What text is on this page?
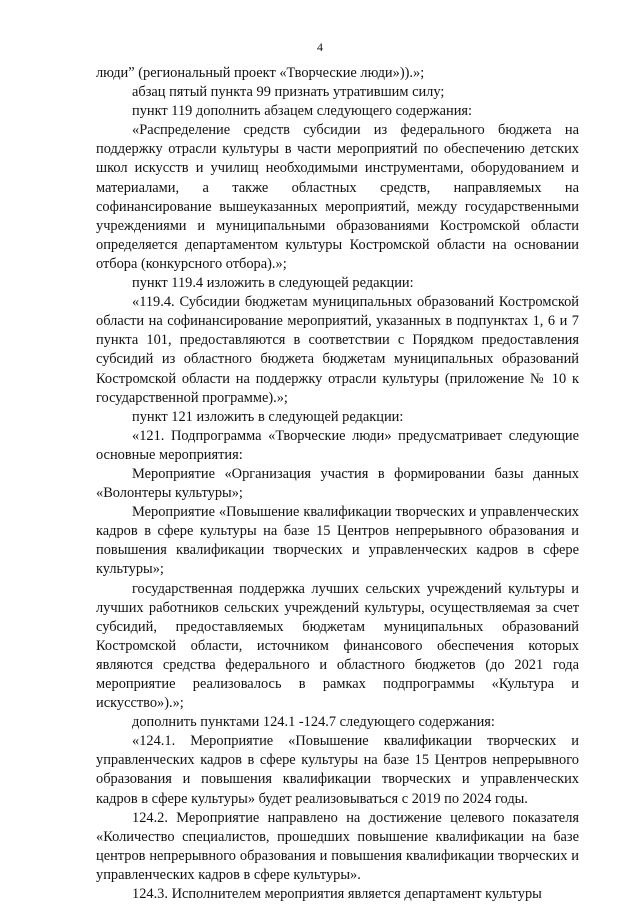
4

людиˮ (региональный проект «Творческие люди»)).»;

абзац пятый пункта 99 признать утратившим силу;

пункт 119 дополнить абзацем следующего содержания:

«Распределение средств субсидии из федерального бюджета на поддержку отрасли культуры в части мероприятий по обеспечению детских школ искусств и училищ необходимыми инструментами, оборудованием и материалами, а также областных средств, направляемых на софинансирование вышеуказанных мероприятий, между государственными учреждениями и муниципальными образованиями Костромской области определяется департаментом культуры Костромской области на основании отбора (конкурсного отбора).»;

пункт 119.4 изложить в следующей редакции:

«119.4. Субсидии бюджетам муниципальных образований Костромской области на софинансирование мероприятий, указанных в подпунктах 1, 6 и 7 пункта 101, предоставляются в соответствии с Порядком предоставления субсидий из областного бюджета бюджетам муниципальных образований Костромской области на поддержку отрасли культуры (приложение № 10 к государственной программе).»;

пункт 121 изложить в следующей редакции:

«121. Подпрограмма «Творческие люди» предусматривает следующие основные мероприятия:

Мероприятие «Организация участия в формировании базы данных «Волонтеры культуры»;

Мероприятие «Повышение квалификации творческих и управленческих кадров в сфере культуры на базе 15 Центров непрерывного образования и повышения квалификации творческих и управленческих кадров в сфере культуры»;

государственная поддержка лучших сельских учреждений культуры и лучших работников сельских учреждений культуры, осуществляемая за счет субсидий, предоставляемых бюджетам муниципальных образований Костромской области, источником финансового обеспечения которых являются средства федерального и областного бюджетов (до 2021 года мероприятие реализовалось в рамках подпрограммы «Культура и искусство»).»;

дополнить пунктами 124.1 -124.7 следующего содержания:

«124.1. Мероприятие «Повышение квалификации творческих и управленческих кадров в сфере культуры на базе 15 Центров непрерывного образования и повышения квалификации творческих и управленческих кадров в сфере культуры» будет реализовываться с 2019 по 2024 годы.

124.2. Мероприятие направлено на достижение целевого показателя «Количество специалистов, прошедших повышение квалификации на базе центров непрерывного образования и повышения квалификации творческих и управленческих кадров в сфере культуры».

124.3. Исполнителем мероприятия является департамент культуры
